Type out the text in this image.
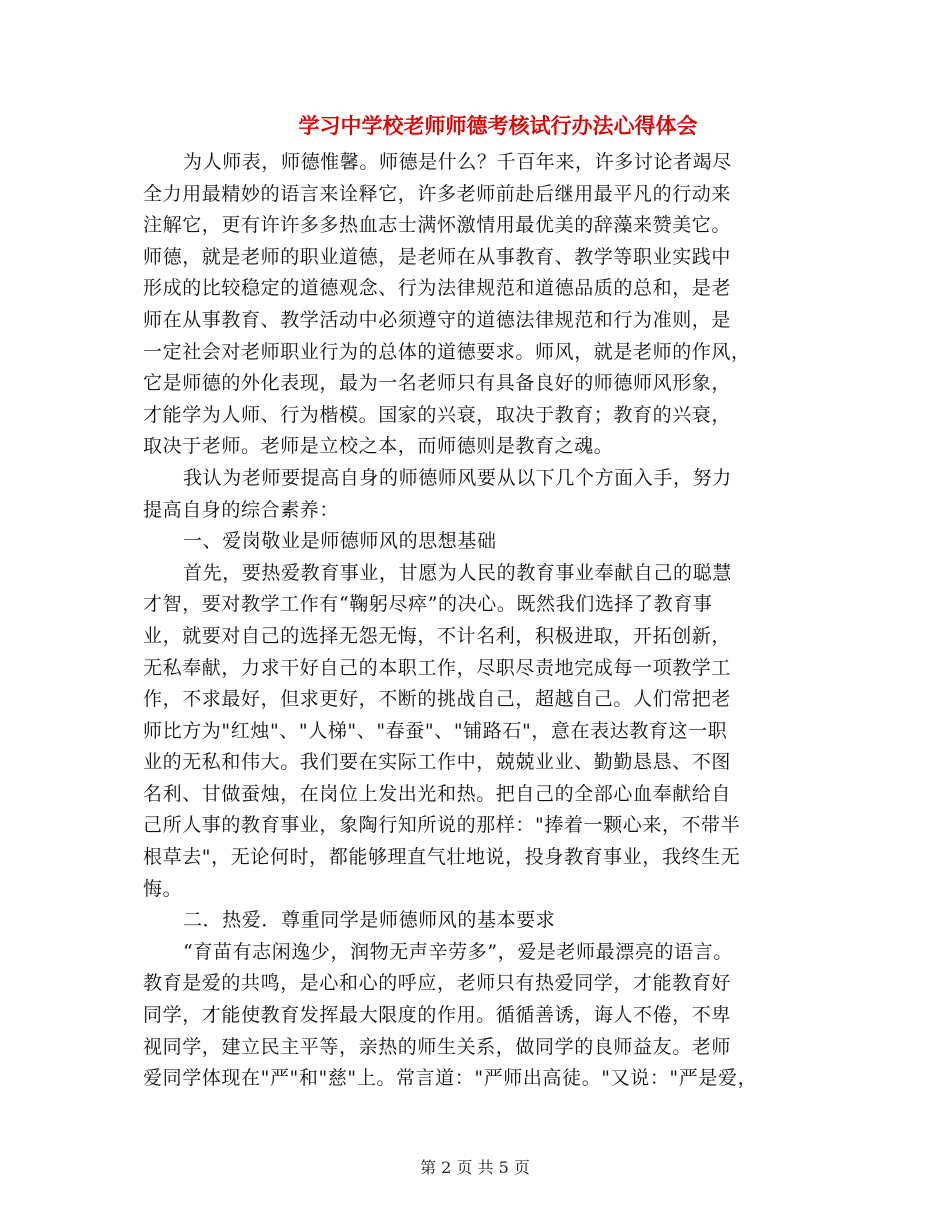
学习中学校老师师德考核试行办法心得体会
为人师表，师德惟馨。师德是什么？千百年来，许多讨论者竭尽
全力用最精妙的语言来诠释它，许多老师前赴后继用最平凡的行动来
注解它，更有许许多多热血志士满怀激情用最优美的辞藻来赞美它。
师德，就是老师的职业道德，是老师在从事教育、教学等职业实践中
形成的比较稳定的道德观念、行为法律规范和道德品质的总和，是老
师在从事教育、教学活动中必须遵守的道德法律规范和行为准则，是
一定社会对老师职业行为的总体的道德要求。师风，就是老师的作风，
它是师德的外化表现，最为一名老师只有具备良好的师德师风形象，
才能学为人师、行为楷模。国家的兴衰，取决于教育；教育的兴衰，
取决于老师。老师是立校之本，而师德则是教育之魂。
我认为老师要提高自身的师德师风要从以下几个方面入手，努力
提高自身的综合素养：
一、爱岗敬业是师德师风的思想基础
首先，要热爱教育事业，甘愿为人民的教育事业奉献自己的聪慧
才智，要对教学工作有“鞠躬尽瘁”的决心。既然我们选择了教育事
业，就要对自己的选择无怨无悔，不计名利，积极进取，开拓创新，
无私奉献，力求干好自己的本职工作，尽职尽责地完成每一项教学工
作，不求最好，但求更好，不断的挑战自己，超越自己。人们常把老
师比方为"红烛"、"人梯"、"春蚕"、"铺路石"，意在表达教育这一职
业的无私和伟大。我们要在实际工作中，兢兢业业、勤勤恳恳、不图
名利、甘做蚕烛，在岗位上发出光和热。把自己的全部心血奉献给自
己所人事的教育事业，象陶行知所说的那样："捧着一颗心来，不带半
根草去"，无论何时，都能够理直气壮地说，投身教育事业，我终生无
悔。
二．热爱．尊重同学是师德师风的基本要求
“育苗有志闲逸少，润物无声辛劳多”，爱是老师最漂亮的语言。
教育是爱的共鸣，是心和心的呼应，老师只有热爱同学，才能教育好
同学，才能使教育发挥最大限度的作用。循循善诱，诲人不倦，不卑
视同学，建立民主平等，亲热的师生关系，做同学的良师益友。老师
爱同学体现在"严"和"慈"上。常言道："严师出高徒。"又说："严是爱，
第 2 页 共 5 页
